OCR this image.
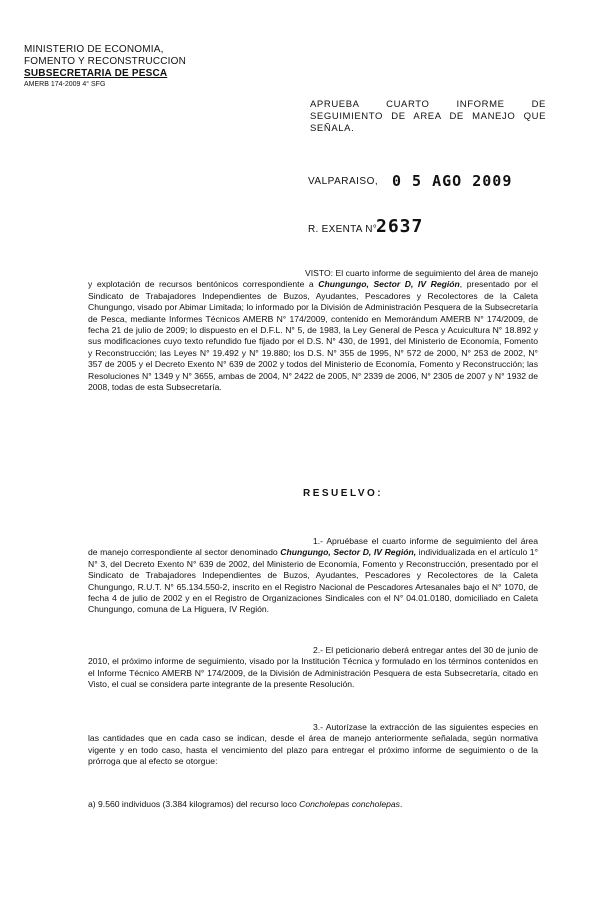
MINISTERIO DE ECONOMIA,
FOMENTO Y RECONSTRUCCION
SUBSECRETARIA DE PESCA
AMERB 174-2009 4° SFG
APRUEBA CUARTO INFORME DE SEGUIMIENTO DE AREA DE MANEJO QUE SEÑALA.
VALPARAISO, 0 5 AGO 2009
R. EXENTA N°
2637
VISTO: El cuarto informe de seguimiento del área de manejo y explotación de recursos bentónicos correspondiente a Chungungo, Sector D, IV Región, presentado por el Sindicato de Trabajadores Independientes de Buzos, Ayudantes, Pescadores y Recolectores de la Caleta Chungungo, visado por Abimar Limitada; lo informado por la División de Administración Pesquera de la Subsecretaría de Pesca, mediante Informes Técnicos AMERB N° 174/2009, contenido en Memorándum AMERB N° 174/2009, de fecha 21 de julio de 2009; lo dispuesto en el D.F.L. N° 5, de 1983, la Ley General de Pesca y Acuicultura N° 18.892 y sus modificaciones cuyo texto refundido fue fijado por el D.S. N° 430, de 1991, del Ministerio de Economía, Fomento y Reconstrucción; las Leyes N° 19.492 y N° 19.880; los D.S. N° 355 de 1995, N° 572 de 2000, N° 253 de 2002, N° 357 de 2005 y el Decreto Exento N° 639 de 2002 y todos del Ministerio de Economía, Fomento y Reconstrucción; las Resoluciones N° 1349 y N° 3655, ambas de 2004, N° 2422 de 2005, N° 2339 de 2006, N° 2305 de 2007 y N° 1932 de 2008, todas de esta Subsecretaría.
RESUELVO:
1.- Apruébase el cuarto informe de seguimiento del área de manejo correspondiente al sector denominado Chungungo, Sector D, IV Región, individualizada en el artículo 1° N° 3, del Decreto Exento N° 639 de 2002, del Ministerio de Economía, Fomento y Reconstrucción, presentado por el Sindicato de Trabajadores Independientes de Buzos, Ayudantes, Pescadores y Recolectores de la Caleta Chungungo, R.U.T. N° 65.134.550-2, inscrito en el Registro Nacional de Pescadores Artesanales bajo el N° 1070, de fecha 4 de julio de 2002 y en el Registro de Organizaciones Sindicales con el N° 04.01.0180, domiciliado en Caleta Chungungo, comuna de La Higuera, IV Región.
2.- El peticionario deberá entregar antes del 30 de junio de 2010, el próximo informe de seguimiento, visado por la Institución Técnica y formulado en los términos contenidos en el Informe Técnico AMERB N° 174/2009, de la División de Administración Pesquera de esta Subsecretaría, citado en Visto, el cual se considera parte integrante de la presente Resolución.
3.- Autorízase la extracción de las siguientes especies en las cantidades que en cada caso se indican, desde el área de manejo anteriormente señalada, según normativa vigente y en todo caso, hasta el vencimiento del plazo para entregar el próximo informe de seguimiento o de la prórroga que al efecto se otorgue:
a) 9.560 individuos (3.384 kilogramos) del recurso loco Concholepas concholepas.
